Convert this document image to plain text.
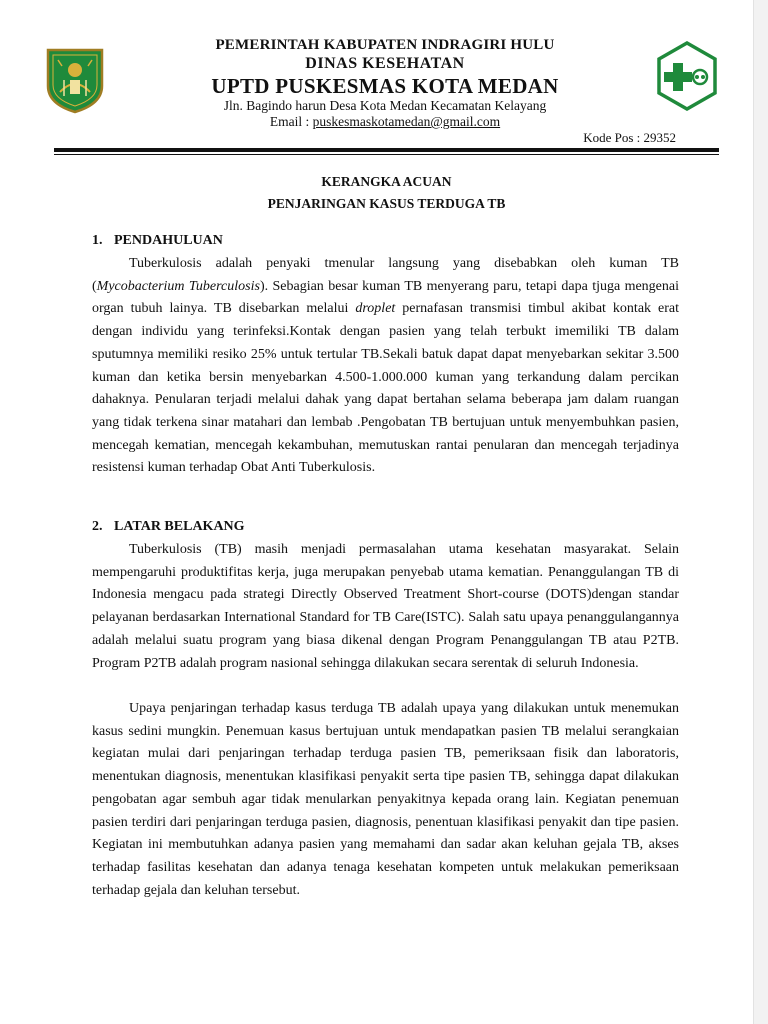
PEMERINTAH KABUPATEN INDRAGIRI HULU
DINAS KESEHATAN
UPTD PUSKESMAS KOTA MEDAN
Jln. Bagindo harun Desa Kota Medan Kecamatan Kelayang
Email : puskesmaskotamedan@gmail.com
Kode Pos : 29352
KERANGKA ACUAN
PENJARINGAN KASUS TERDUGA TB
1. PENDAHULUAN

Tuberkulosis adalah penyaki tmenular langsung yang disebabkan oleh kuman TB (Mycobacterium Tuberculosis). Sebagian besar kuman TB menyerang paru, tetapi dapa tjuga mengenai organ tubuh lainya. TB disebarkan melalui droplet pernafasan transmisi timbul akibat kontak erat dengan individu yang terinfeksi.Kontak dengan pasien yang telah terbukt imemiliki TB dalam sputumnya memiliki resiko 25% untuk tertular TB.Sekali batuk dapat dapat menyebarkan sekitar 3.500 kuman dan ketika bersin menyebarkan 4.500-1.000.000 kuman yang terkandung dalam percikan dahaknya. Penularan terjadi melalui dahak yang dapat bertahan selama beberapa jam dalam ruangan yang tidak terkena sinar matahari dan lembab .Pengobatan TB bertujuan untuk menyembuhkan pasien, mencegah kematian, mencegah kekambuhan, memutuskan rantai penularan dan mencegah terjadinya resistensi kuman terhadap Obat Anti Tuberkulosis.

2. LATAR BELAKANG

Tuberkulosis (TB) masih menjadi permasalahan utama kesehatan masyarakat. Selain mempengaruhi produktifitas kerja, juga merupakan penyebab utama kematian. Penanggulangan TB di Indonesia mengacu pada strategi Directly Observed Treatment Short-course (DOTS)dengan standar pelayanan berdasarkan International Standard for TB Care(ISTC). Salah satu upaya penanggulangannya adalah melalui suatu program yang biasa dikenal dengan Program Penanggulangan TB atau P2TB. Program P2TB adalah program nasional sehingga dilakukan secara serentak di seluruh Indonesia.

Upaya penjaringan terhadap kasus terduga TB adalah upaya yang dilakukan untuk menemukan kasus sedini mungkin. Penemuan kasus bertujuan untuk mendapatkan pasien TB melalui serangkaian kegiatan mulai dari penjaringan terhadap terduga pasien TB, pemeriksaan fisik dan laboratoris, menentukan diagnosis, menentukan klasifikasi penyakit serta tipe pasien TB, sehingga dapat dilakukan pengobatan agar sembuh agar tidak menularkan penyakitnya kepada orang lain. Kegiatan penemuan pasien terdiri dari penjaringan terduga pasien, diagnosis, penentuan klasifikasi penyakit dan tipe pasien. Kegiatan ini membutuhkan adanya pasien yang memahami dan sadar akan keluhan gejala TB, akses terhadap fasilitas kesehatan dan adanya tenaga kesehatan kompeten untuk melakukan pemeriksaan terhadap gejala dan keluhan tersebut.
